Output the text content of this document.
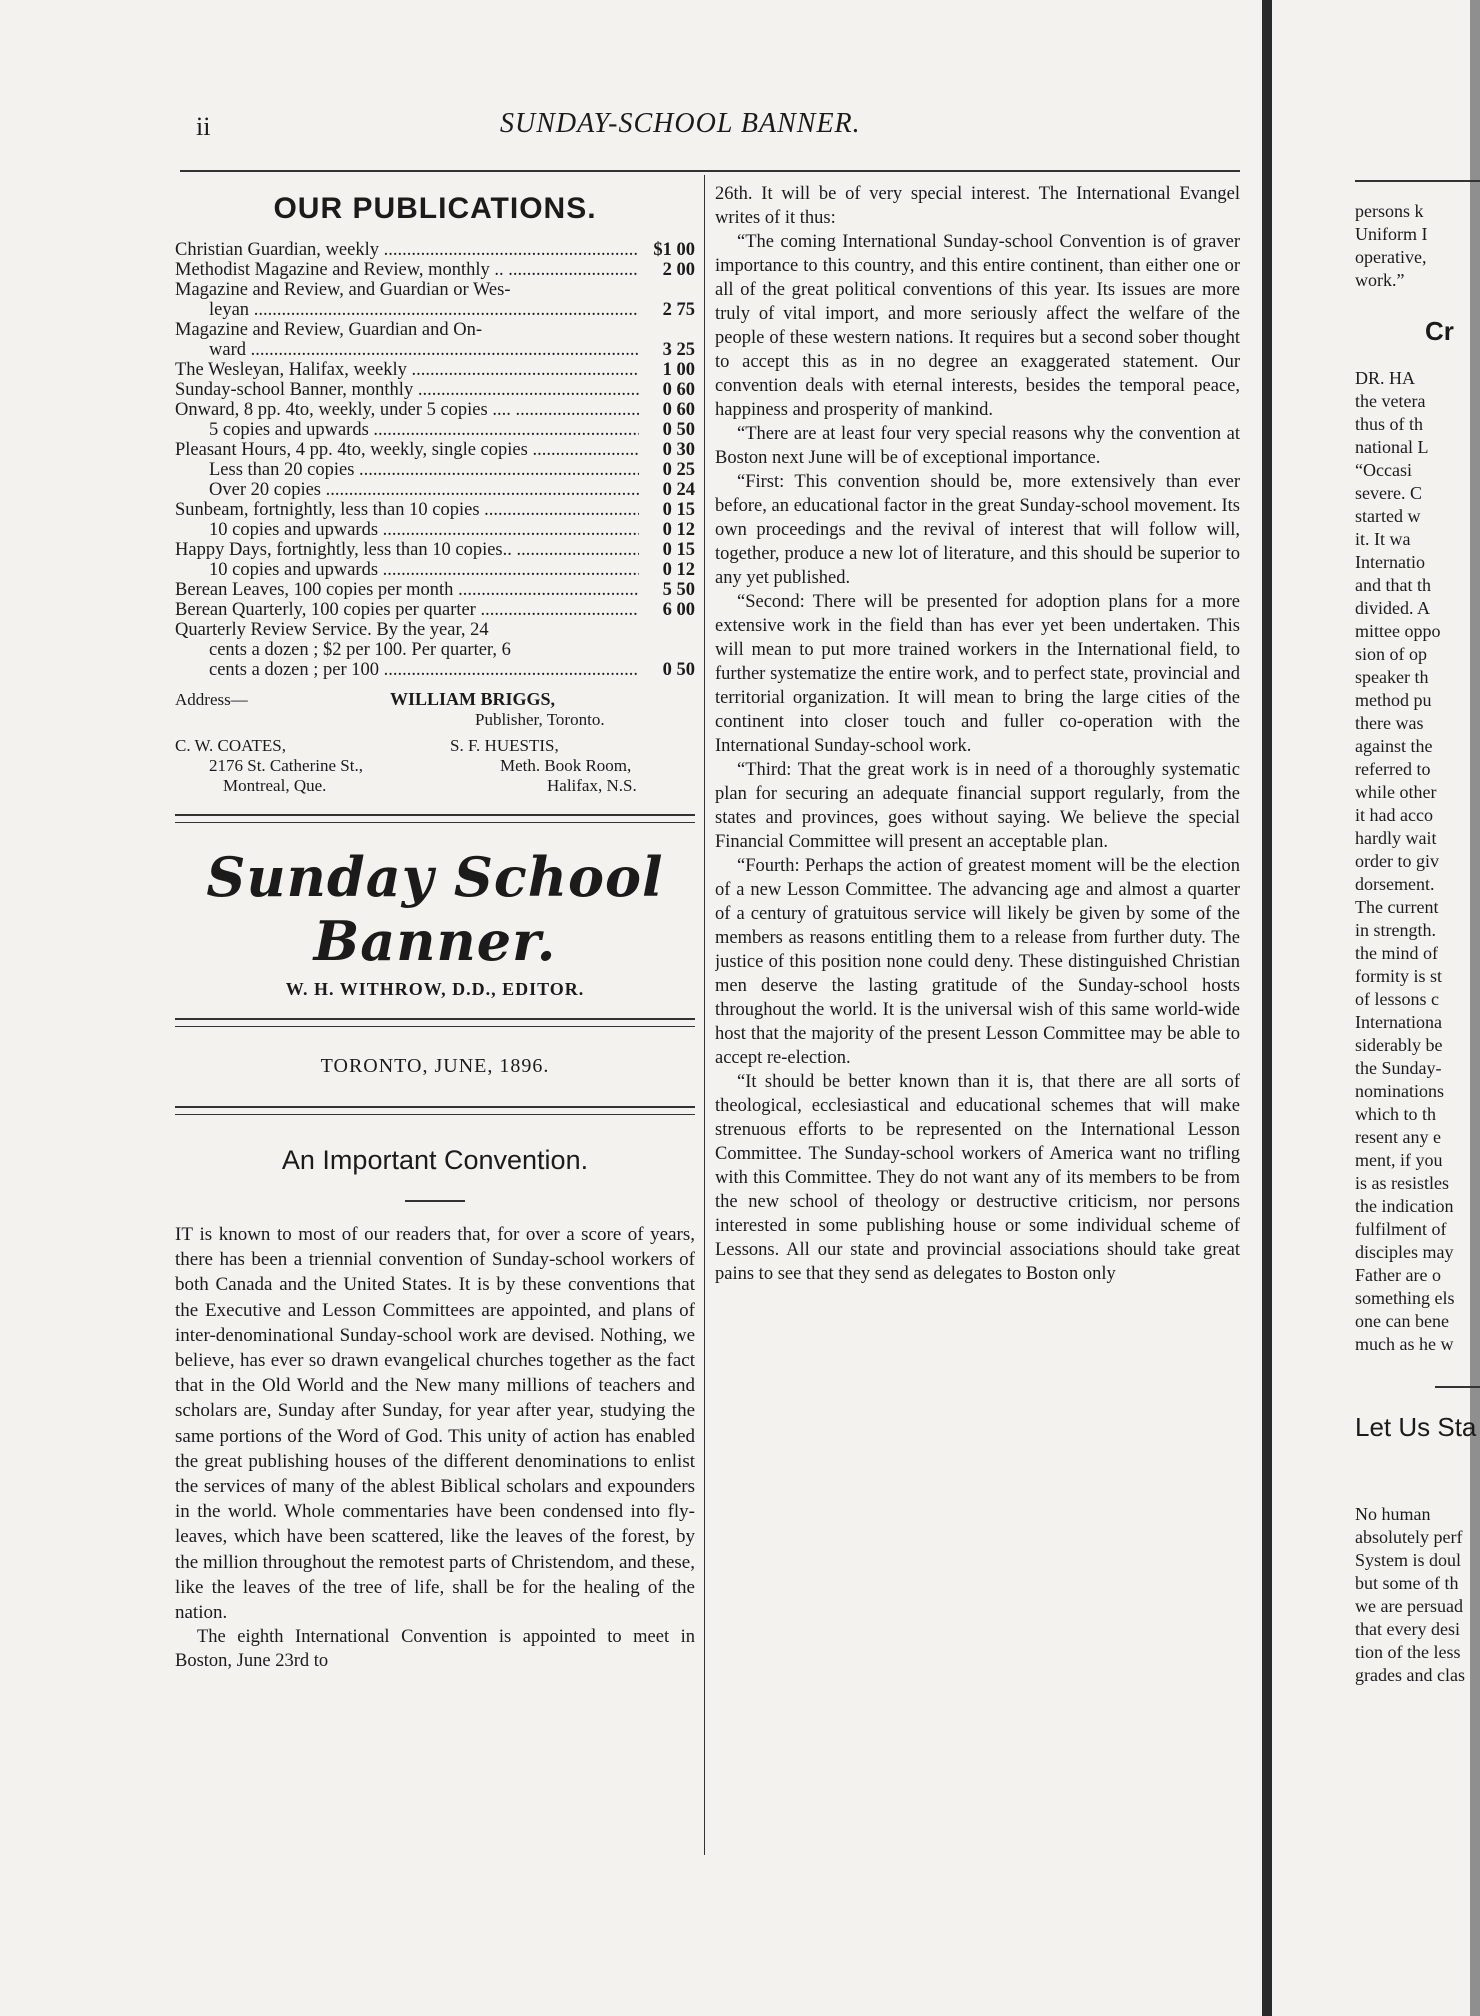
ii	SUNDAY-SCHOOL BANNER.
OUR PUBLICATIONS.
Christian Guardian, weekly .....	$1 00
Methodist Magazine and Review, monthly .. .....	2 00
Magazine and Review, and Guardian or Wes-
leyan .....	2 75
Magazine and Review, Guardian and On-
ward .....	3 25
The Wesleyan, Halifax, weekly .....	1 00
Sunday-school Banner, monthly .....	0 60
Onward, 8 pp. 4to, weekly, under 5 copies .... .....	0 60
5 copies and upwards .....	0 50
Pleasant Hours, 4 pp. 4to, weekly, single copies .....	0 30
Less than 20 copies .....	0 25
Over 20 copies .....	0 24
Sunbeam, fortnightly, less than 10 copies .....	0 15
10 copies and upwards .....	0 12
Happy Days, fortnightly, less than 10 copies.. .....	0 15
10 copies and upwards .....	0 12
Berean Leaves, 100 copies per month .....	5 50
Berean Quarterly, 100 copies per quarter .....	6 00
Quarterly Review Service. By the year, 24
cents a dozen ; $2 per 100. Per quarter, 6
cents a dozen ; per 100 .....	0 50
Address—	WILLIAM BRIGGS,
Publisher, Toronto.
C. W. COATES,
2176 St. Catherine St.,
Montreal, Que.
S. F. HUESTIS,
Meth. Book Room,
Halifax, N.S.
Sunday School Banner.
W. H. WITHROW, D.D., EDITOR.
TORONTO, JUNE, 1896.
An Important Convention.

IT is known to most of our readers that, for over a score of years, there has been a triennial convention of Sunday-school workers of both Canada and the United States. It is by these conventions that the Executive and Lesson Committees are appointed, and plans of inter-denominational Sunday-school work are devised. Nothing, we believe, has ever so drawn evangelical churches together as the fact that in the Old World and the New many millions of teachers and scholars are, Sunday after Sunday, for year after year, studying the same portions of the Word of God. This unity of action has enabled the great publishing houses of the different denominations to enlist the services of many of the ablest Biblical scholars and expounders in the world. Whole commentaries have been condensed into fly-leaves, which have been scattered, like the leaves of the forest, by the million throughout the remotest parts of Christendom, and these, like the leaves of the tree of life, shall be for the healing of the nation.

The eighth International Convention is appointed to meet in Boston, June 23rd to

26th. It will be of very special interest. The International Evangel writes of it thus:

“The coming International Sunday-school Convention is of graver importance to this country, and this entire continent, than either one or all of the great political conventions of this year. Its issues are more truly of vital import, and more seriously affect the welfare of the people of these western nations. It requires but a second sober thought to accept this as in no degree an exaggerated statement. Our convention deals with eternal interests, besides the temporal peace, happiness and prosperity of mankind.

“There are at least four very special reasons why the convention at Boston next June will be of exceptional importance.

“First: This convention should be, more extensively than ever before, an educational factor in the great Sunday-school movement. Its own proceedings and the revival of interest that will follow will, together, produce a new lot of literature, and this should be superior to any yet published.

“Second: There will be presented for adoption plans for a more extensive work in the field than has ever yet been undertaken. This will mean to put more trained workers in the International field, to further systematize the entire work, and to perfect state, provincial and territorial organization. It will mean to bring the large cities of the continent into closer touch and fuller co-operation with the International Sunday-school work.

“Third: That the great work is in need of a thoroughly systematic plan for securing an adequate financial support regularly, from the states and provinces, goes without saying. We believe the special Financial Committee will present an acceptable plan.

“Fourth: Perhaps the action of greatest moment will be the election of a new Lesson Committee. The advancing age and almost a quarter of a century of gratuitous service will likely be given by some of the members as reasons entitling them to a release from further duty. The justice of this position none could deny. These distinguished Christian men deserve the lasting gratitude of the Sunday-school hosts throughout the world. It is the universal wish of this same world-wide host that the majority of the present Lesson Committee may be able to accept re-election.

“It should be better known than it is, that there are all sorts of theological, ecclesiastical and educational schemes that will make strenuous efforts to be represented on the International Lesson Committee. The Sunday-school workers of America want no trifling with this Committee. They do not want any of its members to be from the new school of theology or destructive criticism, nor persons interested in some publishing house or some individual scheme of Lessons. All our state and provincial associations should take great pains to see that they send as delegates to Boston only

persons k
Uniform I
operative,
work.”
Cr
DR. HA
the vetera
thus of th
national L
“Occasi
severe. C
started w
it. It wa
Internatio
and that th
divided. A
mittee oppo
sion of op
speaker th
method pu
there was
against the
referred to
while other
it had acco
hardly wait
order to giv
dorsement.
The current
in strength.
the mind of
formity is st
of lessons c
Internationa
siderably be
the Sunday-
nominations
which to th
resent any e
ment, if you
is as resistles
the indication
fulfilment of
disciples may
Father are o
something els
one can bene
much as he w
Let Us Sta
No human
absolutely perf
System is doul
but some of th
we are persuad
that every desi
tion of the less
grades and clas
